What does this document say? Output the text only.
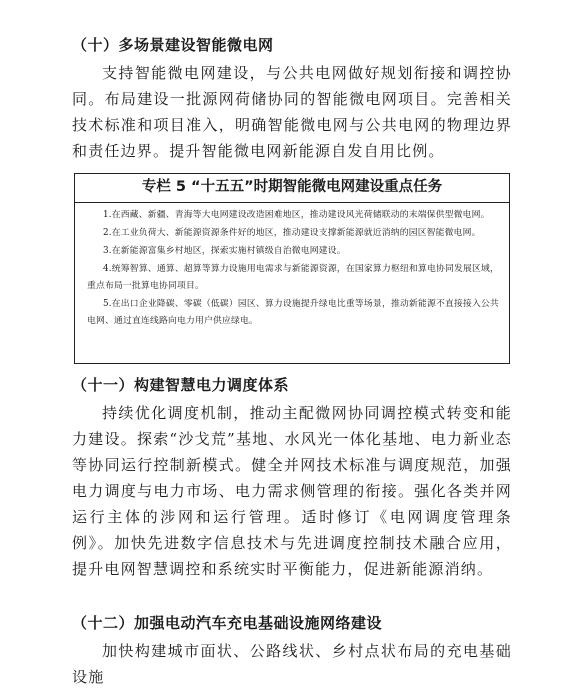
（十）多场景建设智能微电网

支持智能微电网建设，与公共电网做好规划衔接和调控协同。布局建设一批源网荷储协同的智能微电网项目。完善相关技术标准和项目准入，明确智能微电网与公共电网的物理边界和责任边界。提升智能微电网新能源自发自用比例。

专栏 5 “十五五”时期智能微电网建设重点任务

1.在西藏、新疆、青海等大电网建设改造困难地区，推动建设风光荷储联动的末端保供型微电网。

2.在工业负荷大、新能源资源条件好的地区，推动建设支撑新能源就近消纳的园区智能微电网。

3.在新能源富集乡村地区，探索实施村镇级自治微电网建设。

4.统筹智算、通算、超算等算力设施用电需求与新能源资源，在国家算力枢纽和算电协同发展区域，重点布局一批算电协同项目。

5.在出口企业降碳、零碳（低碳）园区、算力设施提升绿电比重等场景，推动新能源不直接接入公共电网、通过直连线路向电力用户供应绿电。

（十一）构建智慧电力调度体系

持续优化调度机制，推动主配微网协同调控模式转变和能力建设。探索“沙戈荒”基地、水风光一体化基地、电力新业态等协同运行控制新模式。健全并网技术标准与调度规范，加强电力调度与电力市场、电力需求侧管理的衔接。强化各类并网运行主体的涉网和运行管理。适时修订《电网调度管理条例》。加快先进数字信息技术与先进调度控制技术融合应用，提升电网智慧调控和系统实时平衡能力，促进新能源消纳。

（十二）加强电动汽车充电基础设施网络建设

加快构建城市面状、公路线状、乡村点状布局的充电基础设施
